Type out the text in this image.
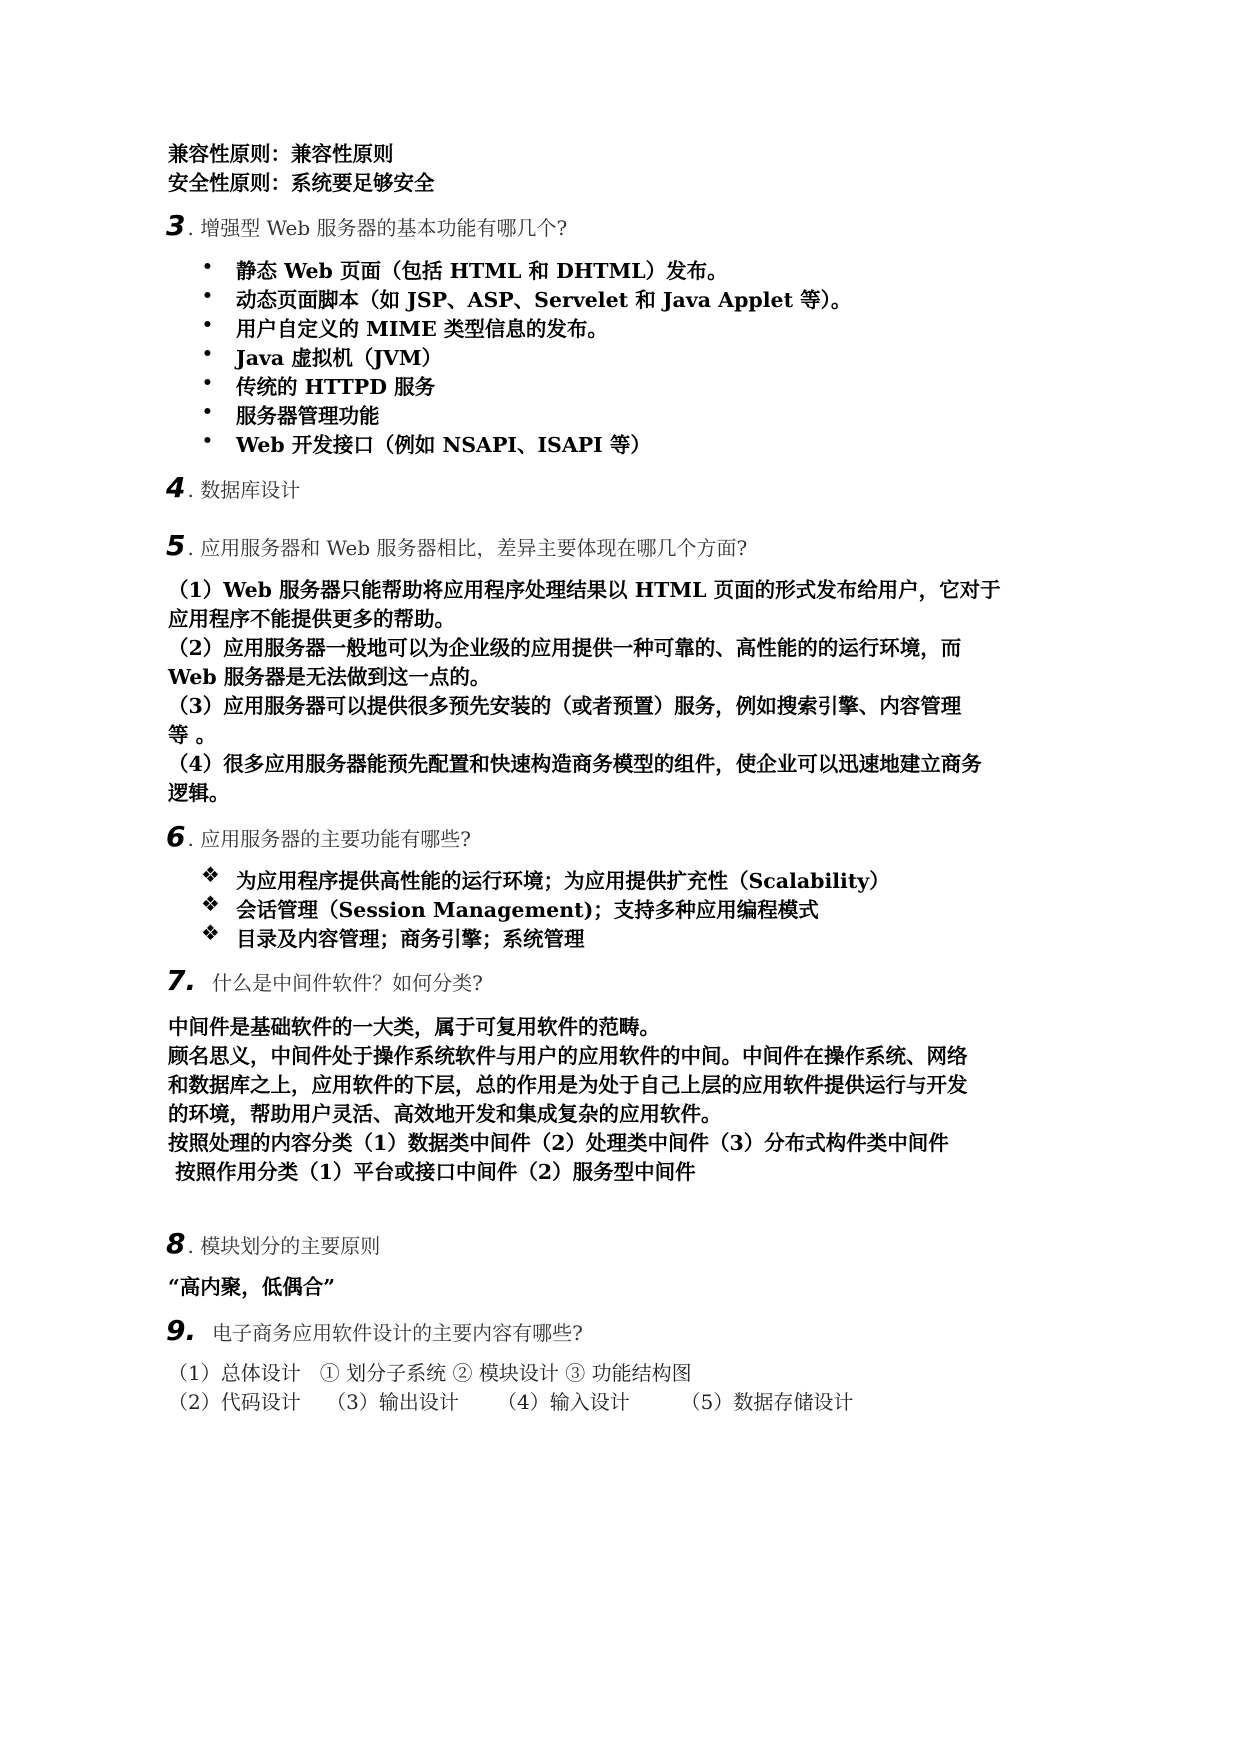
兼容性原则：兼容性原则
安全性原则：系统要足够安全
3 . 增强型 Web 服务器的基本功能有哪几个?
• 静态 Web 页面（包括 HTML 和 DHTML）发布。
• 动态页面脚本（如 JSP、ASP、Servelet 和 Java Applet 等）。
• 用户自定义的 MIME 类型信息的发布。
• Java 虚拟机（JVM）
• 传统的 HTTPD 服务
• 服务器管理功能
• Web 开发接口（例如 NSAPI、ISAPI 等）
4 . 数据库设计
5 . 应用服务器和 Web 服务器相比，差异主要体现在哪几个方面?
（1）Web 服务器只能帮助将应用程序处理结果以 HTML 页面的形式发布给用户，它对于
应用程序不能提供更多的帮助。
（2）应用服务器一般地可以为企业级的应用提供一种可靠的、高性能的的运行环境，而
Web 服务器是无法做到这一点的。
（3）应用服务器可以提供很多预先安装的（或者预置）服务，例如搜索引擎、内容管理
等 。
（4）很多应用服务器能预先配置和快速构造商务模型的组件，使企业可以迅速地建立商务
逻辑。
6 . 应用服务器的主要功能有哪些?
❖ 为应用程序提供高性能的运行环境；为应用提供扩充性（Scalability）
❖ 会话管理（Session Management)；支持多种应用编程模式
❖ 目录及内容管理；商务引擎；系统管理
7. 什么是中间件软件？如何分类?
中间件是基础软件的一大类，属于可复用软件的范畴。
顾名思义，中间件处于操作系统软件与用户的应用软件的中间。中间件在操作系统、网络
和数据库之上，应用软件的下层，总的作用是为处于自己上层的应用软件提供运行与开发
的环境，帮助用户灵活、高效地开发和集成复杂的应用软件。
按照处理的内容分类（1）数据类中间件（2）处理类中间件（3）分布式构件类中间件
按照作用分类（1）平台或接口中间件（2）服务型中间件
8 . 模块划分的主要原则
“高内聚，低偶合”
9. 电子商务应用软件设计的主要内容有哪些?
（1）总体设计   ① 划分子系统 ② 模块设计 ③ 功能结构图
（2）代码设计    （3）输出设计      （4）输入设计        （5）数据存储设计
